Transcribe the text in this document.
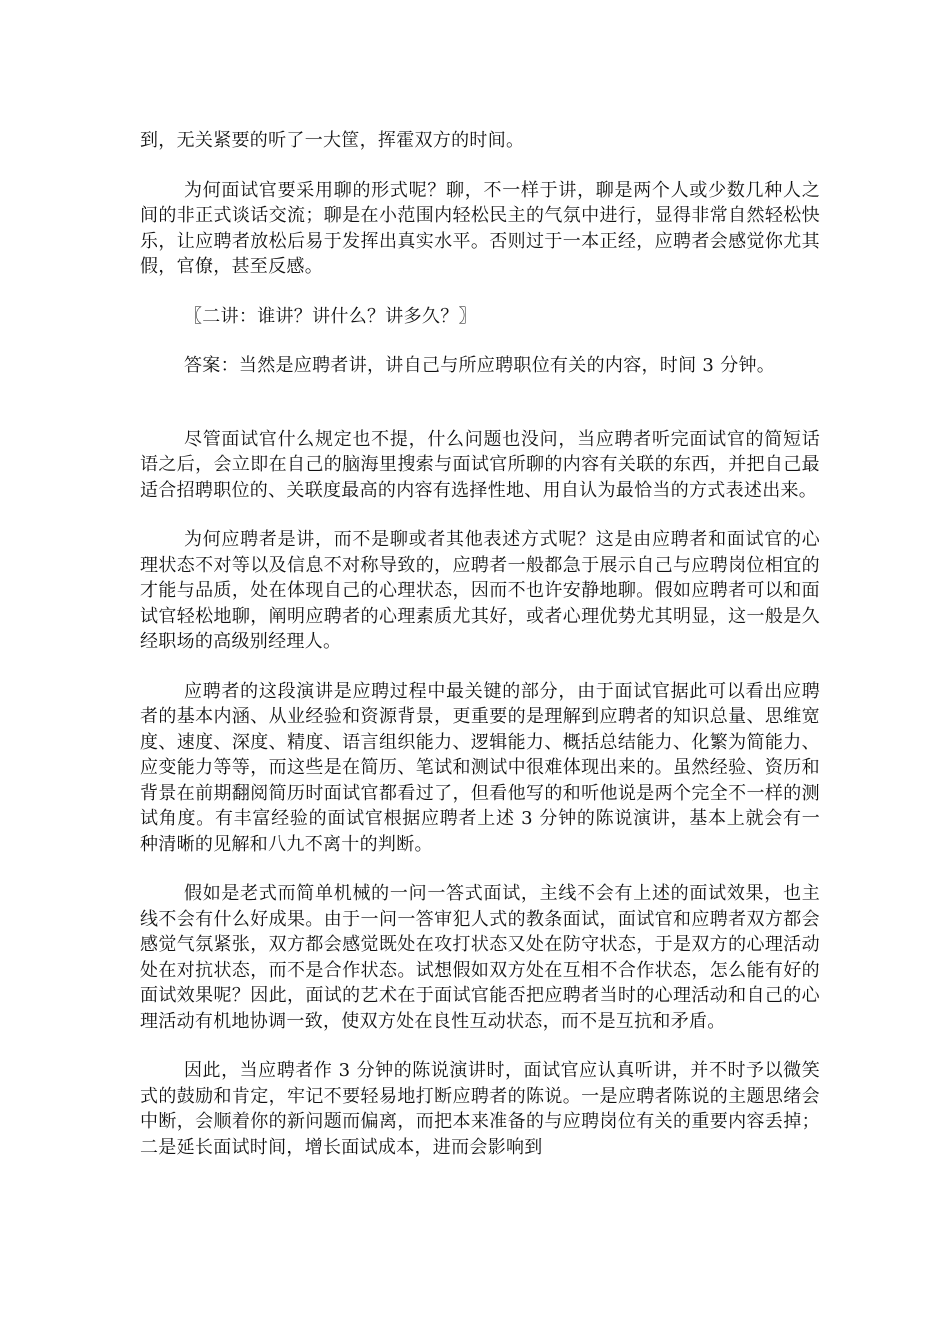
到，无关紧要的听了一大筐，挥霍双方的时间。

为何面试官要采用聊的形式呢？聊，不一样于讲，聊是两个人或少数几种人之间的非正式谈话交流；聊是在小范围内轻松民主的气氛中进行，显得非常自然轻松快乐，让应聘者放松后易于发挥出真实水平。否则过于一本正经，应聘者会感觉你尤其假，官僚，甚至反感。

〖二讲：谁讲？讲什么？讲多久？〗

答案：当然是应聘者讲，讲自己与所应聘职位有关的内容，时间 3 分钟。

尽管面试官什么规定也不提，什么问题也没问，当应聘者听完面试官的简短话语之后，会立即在自己的脑海里搜索与面试官所聊的内容有关联的东西，并把自己最适合招聘职位的、关联度最高的内容有选择性地、用自认为最恰当的方式表述出来。

为何应聘者是讲，而不是聊或者其他表述方式呢？这是由应聘者和面试官的心理状态不对等以及信息不对称导致的，应聘者一般都急于展示自己与应聘岗位相宜的才能与品质，处在体现自己的心理状态，因而不也许安静地聊。假如应聘者可以和面试官轻松地聊，阐明应聘者的心理素质尤其好，或者心理优势尤其明显，这一般是久经职场的高级别经理人。

应聘者的这段演讲是应聘过程中最关键的部分，由于面试官据此可以看出应聘者的基本内涵、从业经验和资源背景，更重要的是理解到应聘者的知识总量、思维宽度、速度、深度、精度、语言组织能力、逻辑能力、概括总结能力、化繁为简能力、应变能力等等，而这些是在简历、笔试和测试中很难体现出来的。虽然经验、资历和背景在前期翻阅简历时面试官都看过了，但看他写的和听他说是两个完全不一样的测试角度。有丰富经验的面试官根据应聘者上述 3 分钟的陈说演讲，基本上就会有一种清晰的见解和八九不离十的判断。

假如是老式而简单机械的一问一答式面试，主线不会有上述的面试效果，也主线不会有什么好成果。由于一问一答审犯人式的教条面试，面试官和应聘者双方都会感觉气氛紧张，双方都会感觉既处在攻打状态又处在防守状态，于是双方的心理活动处在对抗状态，而不是合作状态。试想假如双方处在互相不合作状态，怎么能有好的面试效果呢？因此，面试的艺术在于面试官能否把应聘者当时的心理活动和自己的心理活动有机地协调一致，使双方处在良性互动状态，而不是互抗和矛盾。

因此，当应聘者作 3 分钟的陈说演讲时，面试官应认真听讲，并不时予以微笑式的鼓励和肯定，牢记不要轻易地打断应聘者的陈说。一是应聘者陈说的主题思绪会中断，会顺着你的新问题而偏离，而把本来准备的与应聘岗位有关的重要内容丢掉；二是延长面试时间，增长面试成本，进而会影响到
